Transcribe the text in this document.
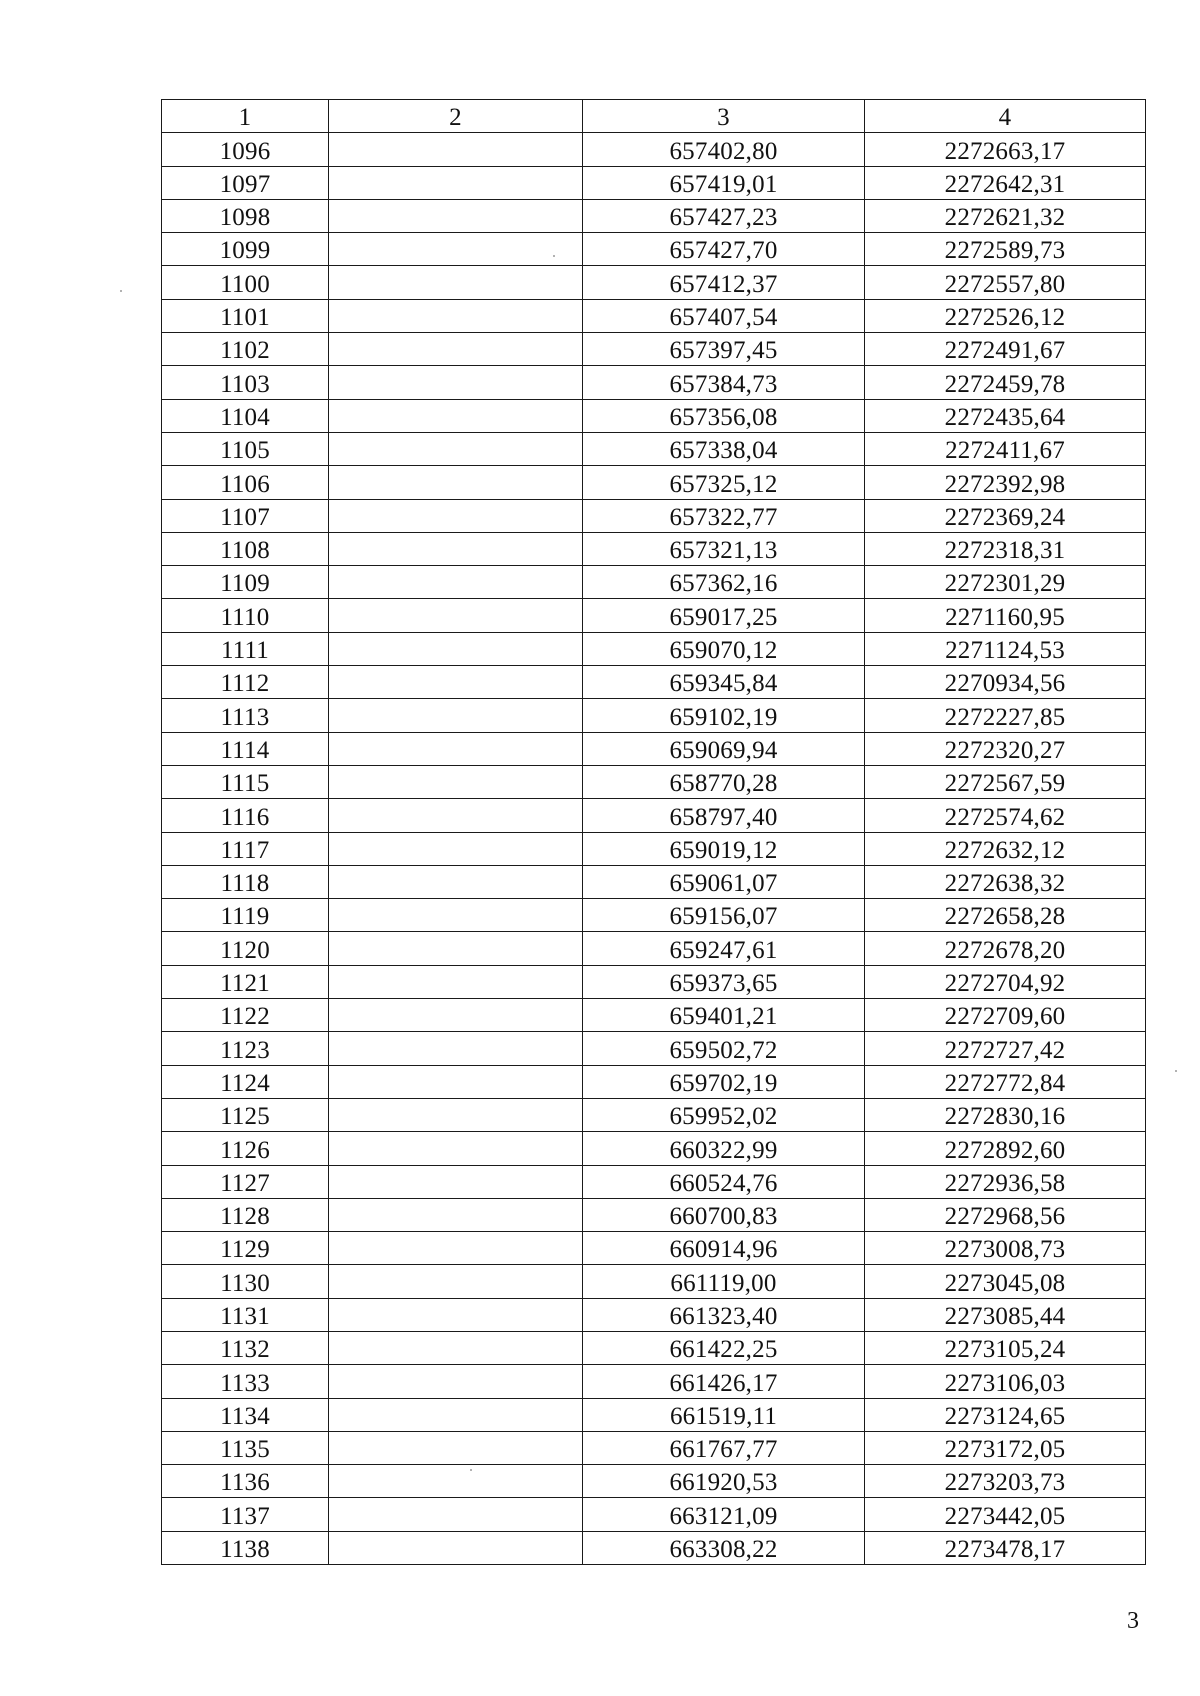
1	2	3	4
1096		657402,80	2272663,17
1097		657419,01	2272642,31
1098		657427,23	2272621,32
1099		657427,70	2272589,73
1100		657412,37	2272557,80
1101		657407,54	2272526,12
1102		657397,45	2272491,67
1103		657384,73	2272459,78
1104		657356,08	2272435,64
1105		657338,04	2272411,67
1106		657325,12	2272392,98
1107		657322,77	2272369,24
1108		657321,13	2272318,31
1109		657362,16	2272301,29
1110		659017,25	2271160,95
1111		659070,12	2271124,53
1112		659345,84	2270934,56
1113		659102,19	2272227,85
1114		659069,94	2272320,27
1115		658770,28	2272567,59
1116		658797,40	2272574,62
1117		659019,12	2272632,12
1118		659061,07	2272638,32
1119		659156,07	2272658,28
1120		659247,61	2272678,20
1121		659373,65	2272704,92
1122		659401,21	2272709,60
1123		659502,72	2272727,42
1124		659702,19	2272772,84
1125		659952,02	2272830,16
1126		660322,99	2272892,60
1127		660524,76	2272936,58
1128		660700,83	2272968,56
1129		660914,96	2273008,73
1130		661119,00	2273045,08
1131		661323,40	2273085,44
1132		661422,25	2273105,24
1133		661426,17	2273106,03
1134		661519,11	2273124,65
1135		661767,77	2273172,05
1136		661920,53	2273203,73
1137		663121,09	2273442,05
1138		663308,22	2273478,17
3
